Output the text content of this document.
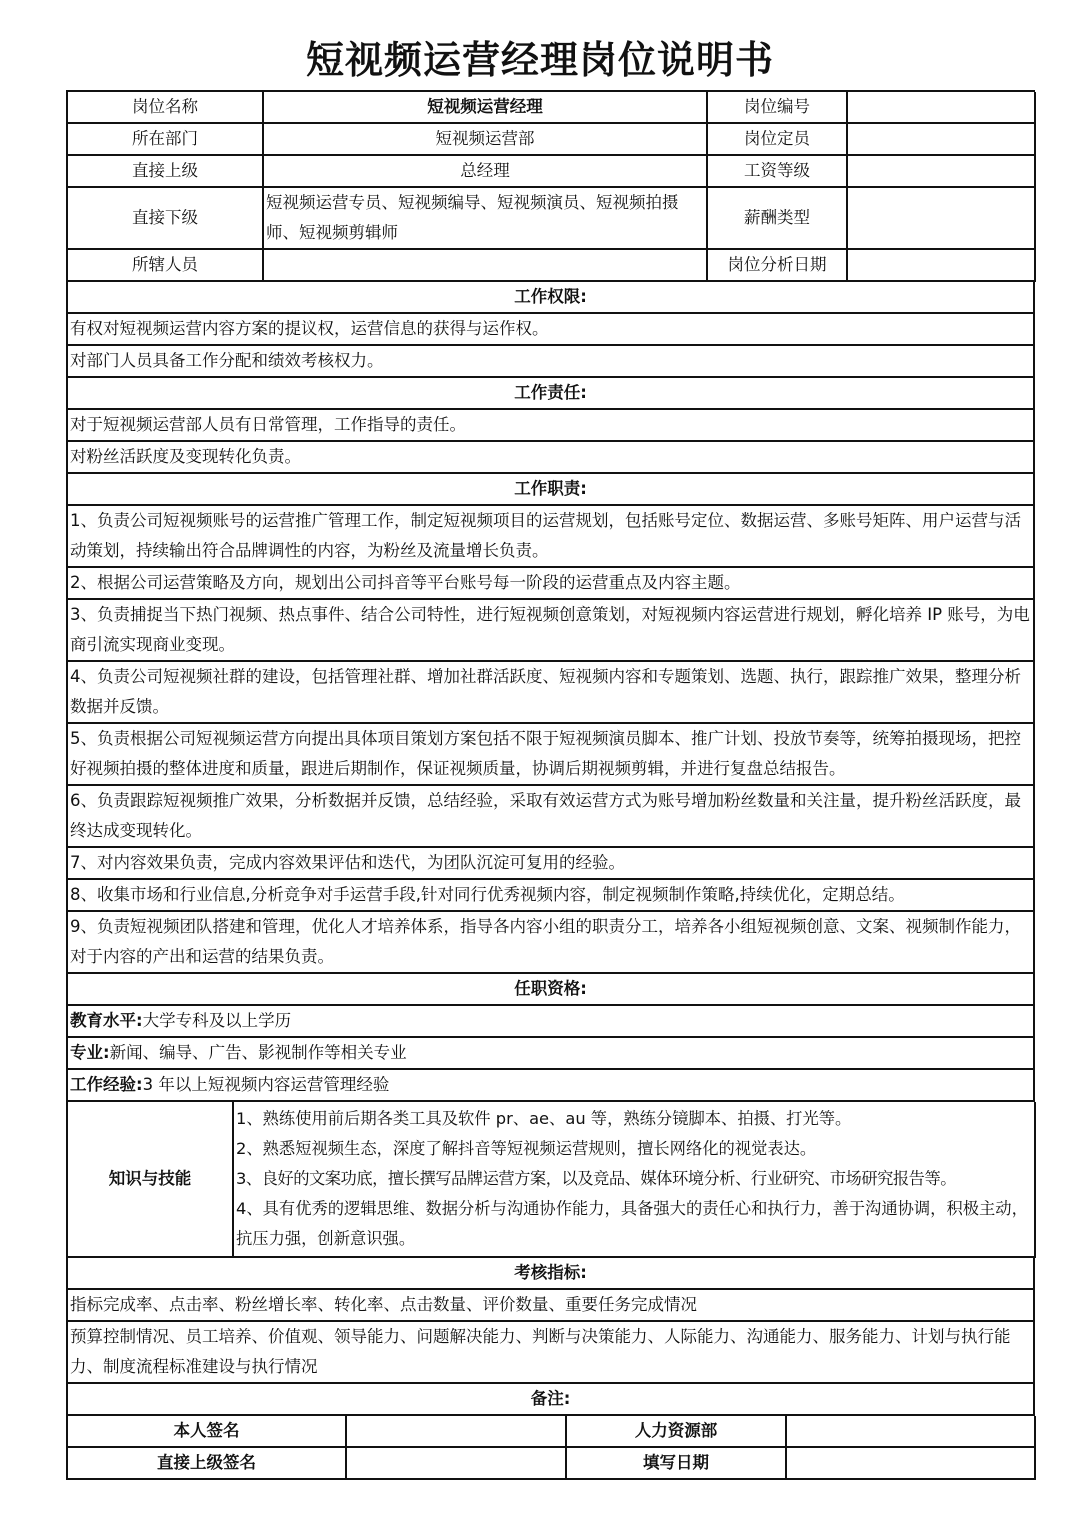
短视频运营经理岗位说明书
岗位名称	短视频运营经理	岗位编号	
所在部门	短视频运营部	岗位定员	
直接上级	总经理	工资等级	
直接下级	短视频运营专员、短视频编导、短视频演员、短视频拍摄师、短视频剪辑师	薪酬类型	
所辖人员		岗位分析日期	
工作权限:
有权对短视频运营内容方案的提议权，运营信息的获得与运作权。
对部门人员具备工作分配和绩效考核权力。
工作责任:
对于短视频运营部人员有日常管理，工作指导的责任。
对粉丝活跃度及变现转化负责。
工作职责:
1、负责公司短视频账号的运营推广管理工作，制定短视频项目的运营规划，包括账号定位、数据运营、多账号矩阵、用户运营与活动策划，持续输出符合品牌调性的内容，为粉丝及流量增长负责。
2、根据公司运营策略及方向，规划出公司抖音等平台账号每一阶段的运营重点及内容主题。
3、负责捕捉当下热门视频、热点事件、结合公司特性，进行短视频创意策划，对短视频内容运营进行规划，孵化培养 IP 账号，为电商引流实现商业变现。
4、负责公司短视频社群的建设，包括管理社群、增加社群活跃度、短视频内容和专题策划、选题、执行，跟踪推广效果，整理分析数据并反馈。
5、负责根据公司短视频运营方向提出具体项目策划方案包括不限于短视频演员脚本、推广计划、投放节奏等，统筹拍摄现场，把控好视频拍摄的整体进度和质量，跟进后期制作，保证视频质量，协调后期视频剪辑，并进行复盘总结报告。
6、负责跟踪短视频推广效果，分析数据并反馈，总结经验，采取有效运营方式为账号增加粉丝数量和关注量，提升粉丝活跃度，最终达成变现转化。
7、对内容效果负责，完成内容效果评估和迭代，为团队沉淀可复用的经验。
8、收集市场和行业信息,分析竞争对手运营手段,针对同行优秀视频内容，制定视频制作策略,持续优化，定期总结。
9、负责短视频团队搭建和管理，优化人才培养体系，指导各内容小组的职责分工，培养各小组短视频创意、文案、视频制作能力，对于内容的产出和运营的结果负责。
任职资格:
教育水平:大学专科及以上学历
专业:新闻、编导、广告、影视制作等相关专业
工作经验:3 年以上短视频内容运营管理经验
知识与技能	
1、熟练使用前后期各类工具及软件 pr、ae、au 等，熟练分镜脚本、拍摄、打光等。
2、熟悉短视频生态，深度了解抖音等短视频运营规则，擅长网络化的视觉表达。
3、良好的文案功底，擅长撰写品牌运营方案，以及竞品、媒体环境分析、行业研究、市场研究报告等。
4、具有优秀的逻辑思维、数据分析与沟通协作能力，具备强大的责任心和执行力，善于沟通协调，积极主动，抗压力强，创新意识强。
考核指标:
指标完成率、点击率、粉丝增长率、转化率、点击数量、评价数量、重要任务完成情况
预算控制情况、员工培养、价值观、领导能力、问题解决能力、判断与决策能力、人际能力、沟通能力、服务能力、计划与执行能力、制度流程标准建设与执行情况
备注:
本人签名		人力资源部	
直接上级签名		填写日期	
